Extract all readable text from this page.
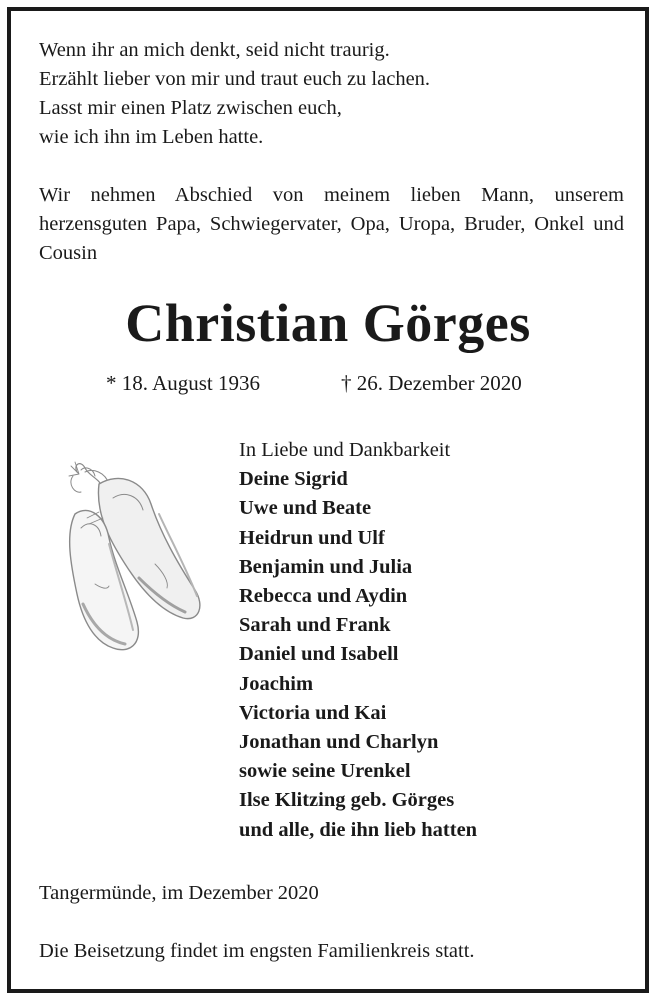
Wenn ihr an mich denkt, seid nicht traurig.
Erzählt lieber von mir und traut euch zu lachen.
Lasst mir einen Platz zwischen euch,
wie ich ihn im Leben hatte.
Wir nehmen Abschied von meinem lieben Mann, unserem herzensguten Papa, Schwiegervater, Opa, Uropa, Bruder, Onkel und Cousin
Christian Görges
* 18. August 1936	† 26. Dezember 2020
In Liebe und Dankbarkeit
Deine Sigrid
Uwe und Beate
Heidrun und Ulf
Benjamin und Julia
Rebecca und Aydin
Sarah und Frank
Daniel und Isabell
Joachim
Victoria und Kai
Jonathan und Charlyn
sowie seine Urenkel
Ilse Klitzing geb. Görges
und alle, die ihn lieb hatten
Tangermünde, im Dezember 2020
Die Beisetzung findet im engsten Familienkreis statt.
